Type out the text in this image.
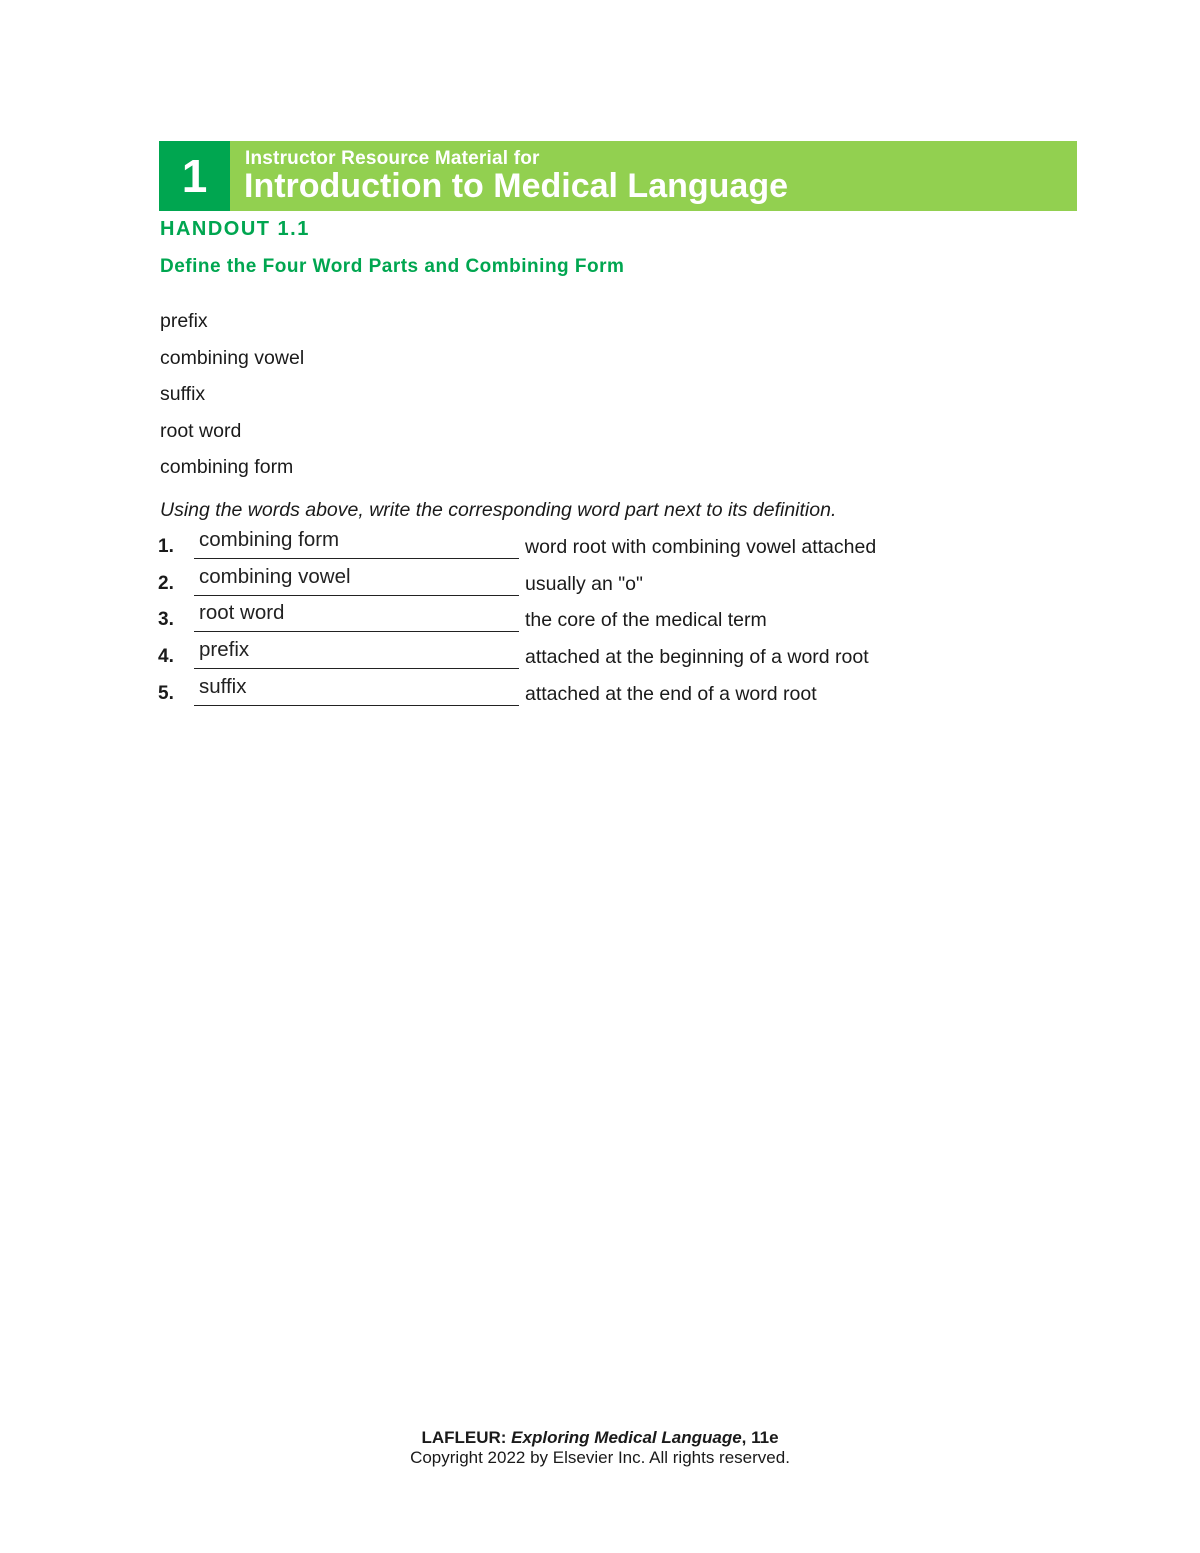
1	Instructor Resource Material for
Introduction to Medical Language
HANDOUT 1.1
Define the Four Word Parts and Combining Form
prefix
combining vowel
suffix
root word
combining form
Using the words above, write the corresponding word part next to its definition.
1. combining form	word root with combining vowel attached
2. combining vowel	usually an "o"
3. root word	the core of the medical term
4. prefix	attached at the beginning of a word root
5. suffix	attached at the end of a word root
LAFLEUR: Exploring Medical Language, 11e
Copyright 2022 by Elsevier Inc. All rights reserved.
